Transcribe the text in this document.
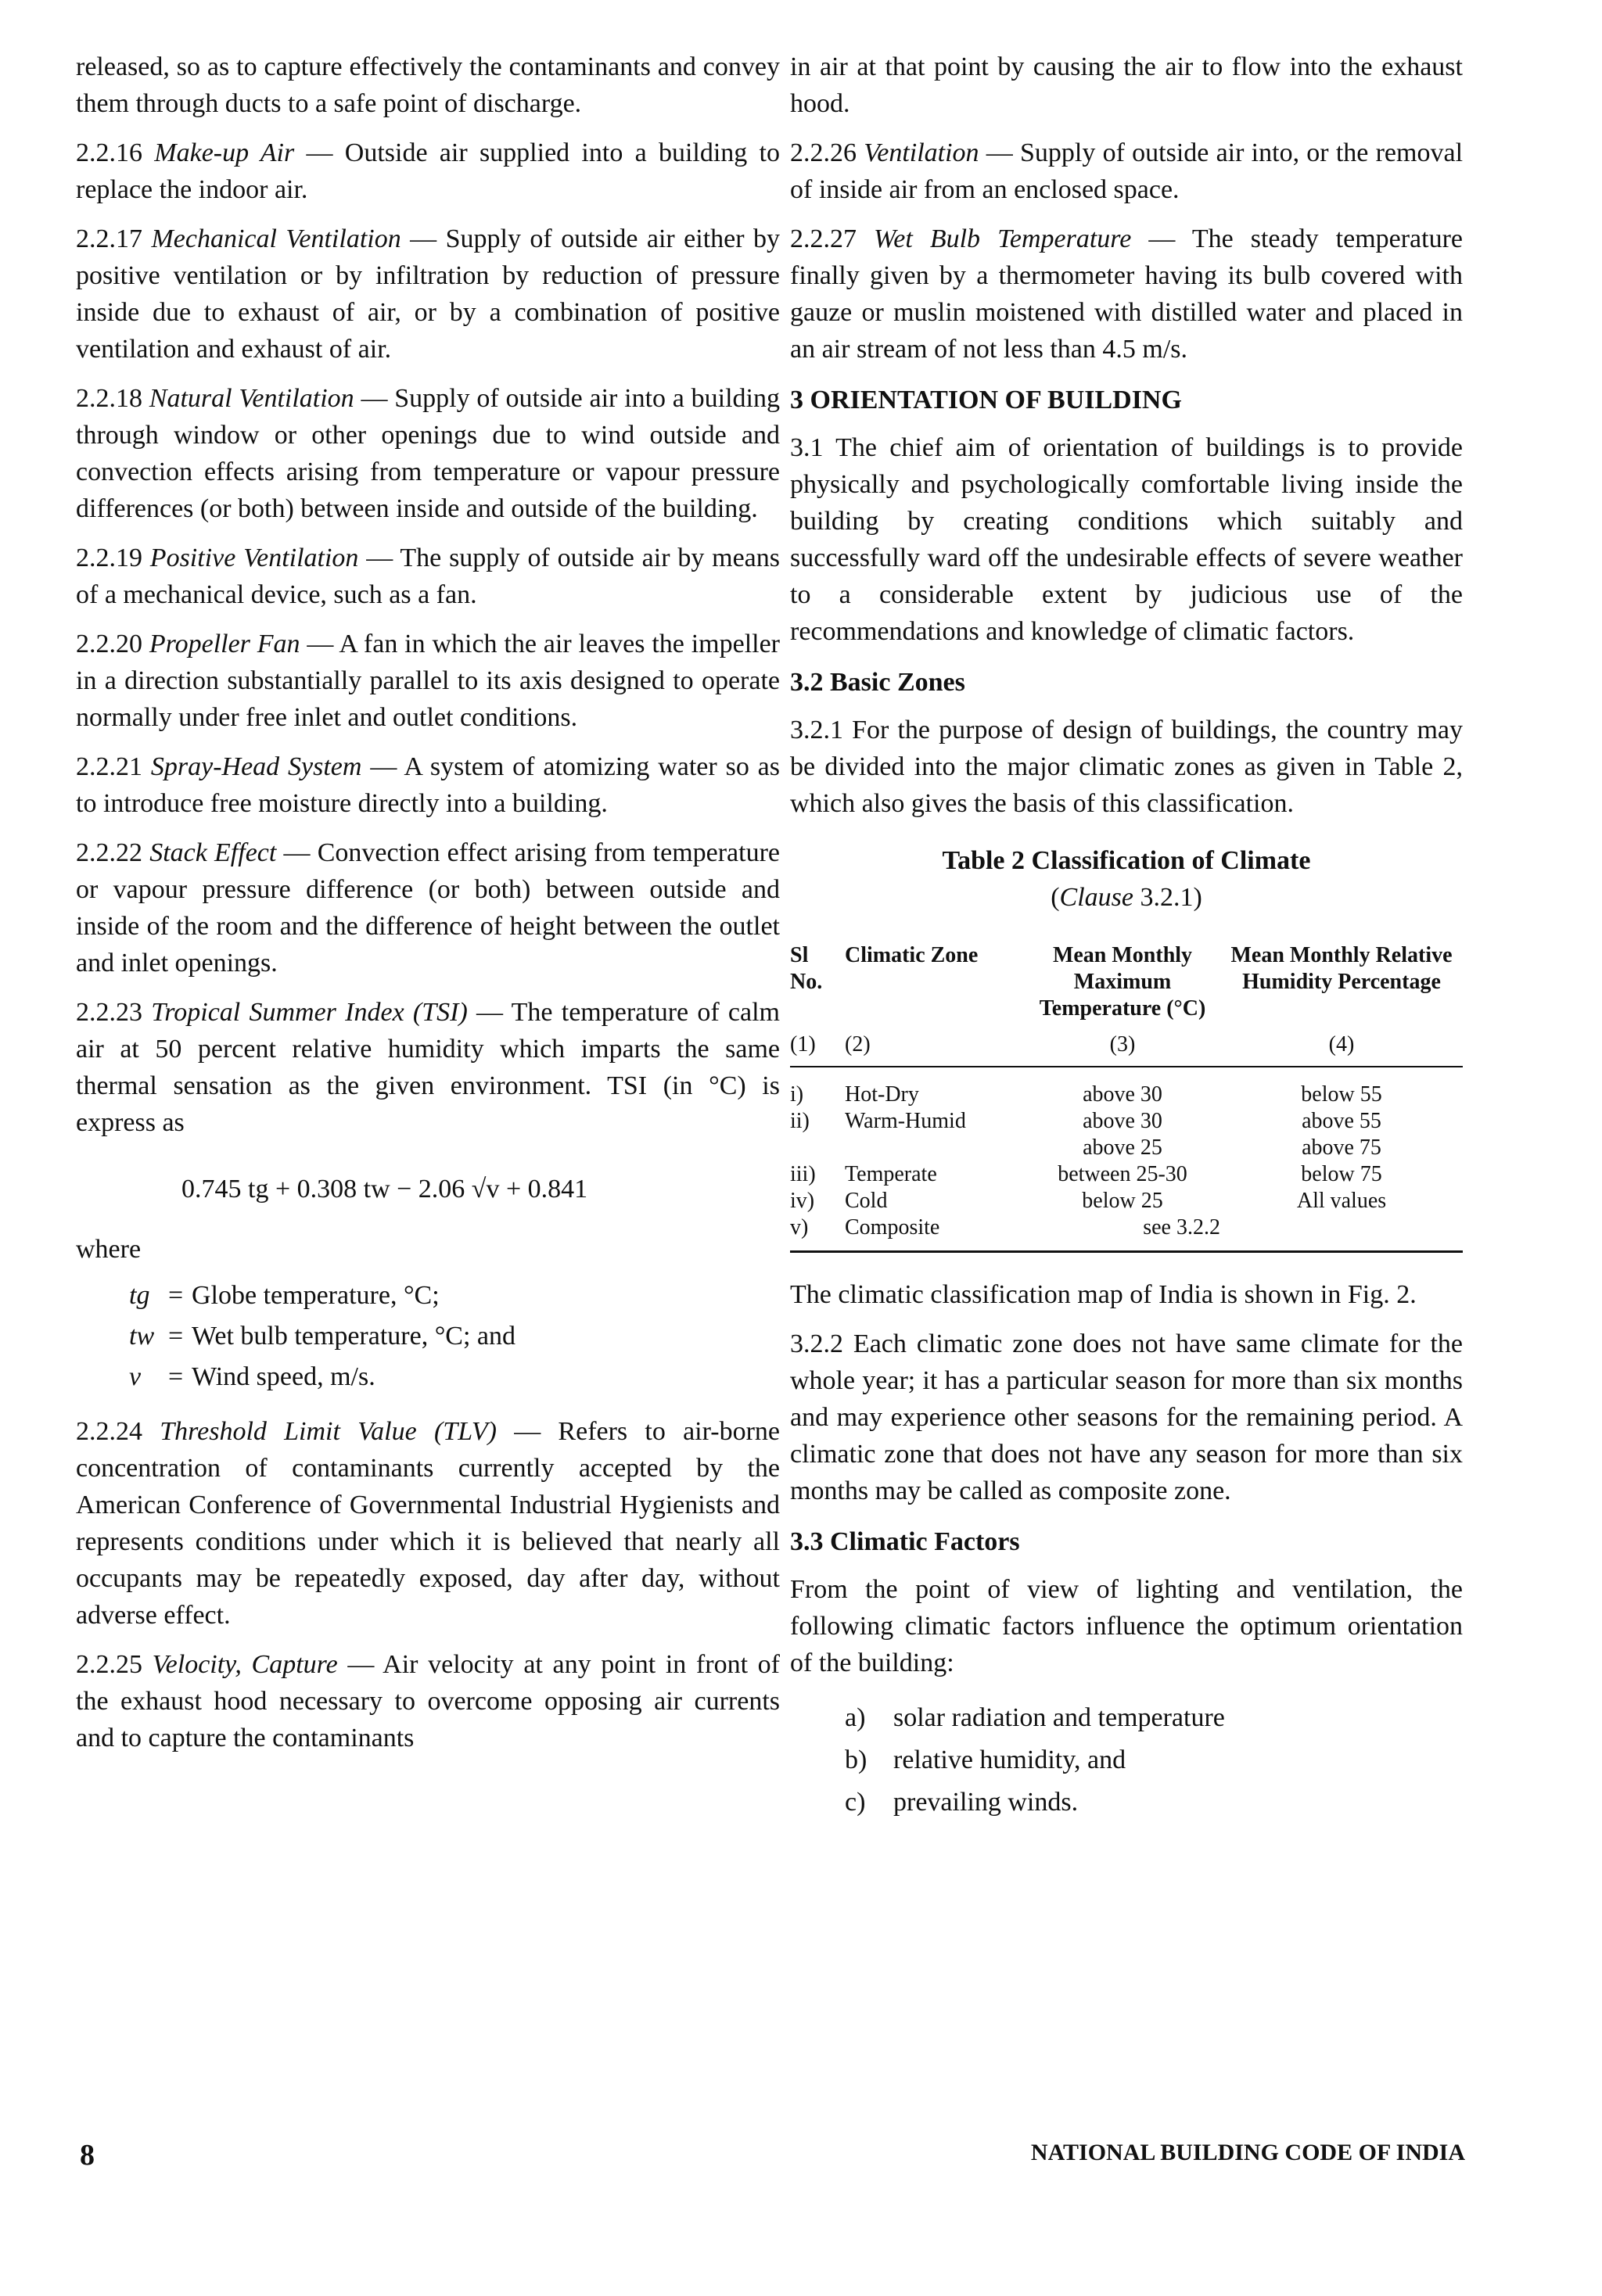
released, so as to capture effectively the contaminants and convey them through ducts to a safe point of discharge.

2.2.16 Make-up Air — Outside air supplied into a building to replace the indoor air.

2.2.17 Mechanical Ventilation — Supply of outside air either by positive ventilation or by infiltration by reduction of pressure inside due to exhaust of air, or by a combination of positive ventilation and exhaust of air.

2.2.18 Natural Ventilation — Supply of outside air into a building through window or other openings due to wind outside and convection effects arising from temperature or vapour pressure differences (or both) between inside and outside of the building.

2.2.19 Positive Ventilation — The supply of outside air by means of a mechanical device, such as a fan.

2.2.20 Propeller Fan — A fan in which the air leaves the impeller in a direction substantially parallel to its axis designed to operate normally under free inlet and outlet conditions.

2.2.21 Spray-Head System — A system of atomizing water so as to introduce free moisture directly into a building.

2.2.22 Stack Effect — Convection effect arising from temperature or vapour pressure difference (or both) between outside and inside of the room and the difference of height between the outlet and inlet openings.

2.2.23 Tropical Summer Index (TSI) — The temperature of calm air at 50 percent relative humidity which imparts the same thermal sensation as the given environment. TSI (in °C) is express as

0.745 tg + 0.308 tw − 2.06 √v + 0.841
where
tg = Globe temperature, °C;
tw = Wet bulb temperature, °C; and
v	= Wind speed, m/s.

2.2.24 Threshold Limit Value (TLV) — Refers to air-borne concentration of contaminants currently accepted by the American Conference of Governmental Industrial Hygienists and represents conditions under which it is believed that nearly all occupants may be repeatedly exposed, day after day, without adverse effect.

2.2.25 Velocity, Capture — Air velocity at any point in front of the exhaust hood necessary to overcome opposing air currents and to capture the contaminants

in air at that point by causing the air to flow into the exhaust hood.

2.2.26 Ventilation — Supply of outside air into, or the removal of inside air from an enclosed space.

2.2.27 Wet Bulb Temperature — The steady temperature finally given by a thermometer having its bulb covered with gauze or muslin moistened with distilled water and placed in an air stream of not less than 4.5 m/s.

3 ORIENTATION OF BUILDING

3.1 The chief aim of orientation of buildings is to provide physically and psychologically comfortable living inside the building by creating conditions which suitably and successfully ward off the undesirable effects of severe weather to a considerable extent by judicious use of the recommendations and knowledge of climatic factors.

3.2 Basic Zones

3.2.1 For the purpose of design of buildings, the country may be divided into the major climatic zones as given in Table 2, which also gives the basis of this classification.

Table 2 Classification of Climate
(Clause 3.2.1)
Sl No.	Climatic Zone	Mean Monthly Maximum Temperature (°C)	Mean Monthly Relative Humidity Percentage
(1)	(2)	(3)	(4)
i)	Hot-Dry	above 30	below 55
ii)	Warm-Humid	above 30	above 55
		above 25	above 75
iii)	Temperate	between 25-30	below 75
iv)	Cold	below 25	All values
v)	Composite	see 3.2.2	

The climatic classification map of India is shown in Fig. 2.

3.2.2 Each climatic zone does not have same climate for the whole year; it has a particular season for more than six months and may experience other seasons for the remaining period. A climatic zone that does not have any season for more than six months may be called as composite zone.

3.3 Climatic Factors

From the point of view of lighting and ventilation, the following climatic factors influence the optimum orientation of the building:

a)	solar radiation and temperature
b) relative humidity, and
c)	prevailing winds.
8	NATIONAL BUILDING CODE OF INDIA
